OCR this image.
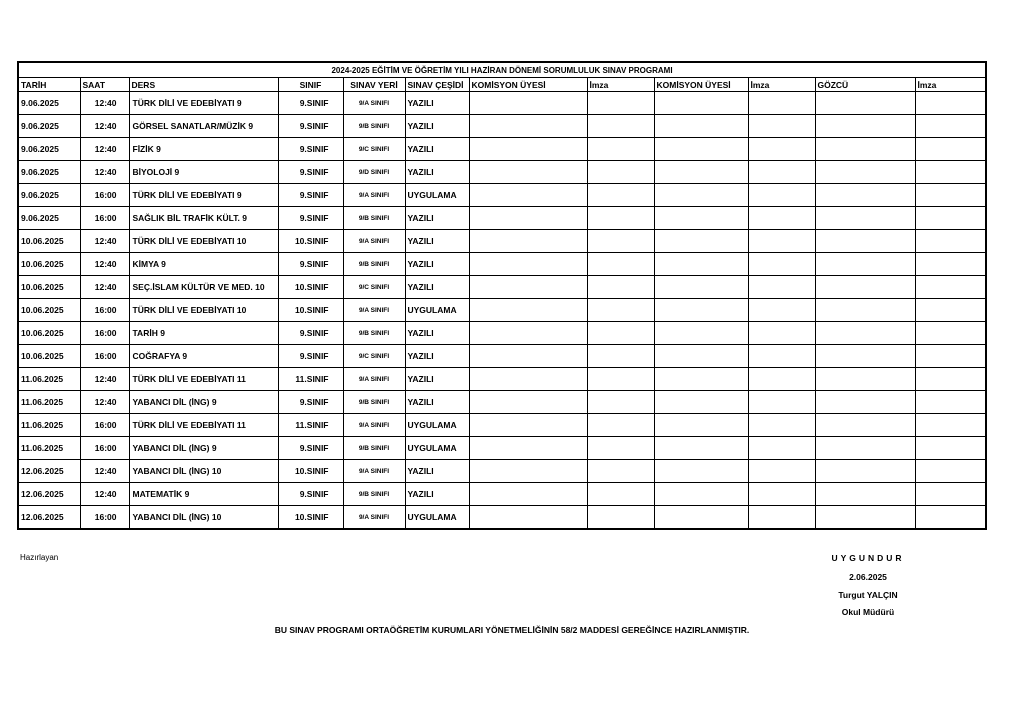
2024-2025 EĞİTİM VE ÖĞRETİM YILI HAZİRAN DÖNEMİ SORUMLULUK SINAV PROGRAMI											
TARİH	SAAT	DERS	SINIF	SINAV YERİ	SINAV ÇEŞİDİ	KOMİSYON ÜYESİ	İmza	KOMİSYON ÜYESİ	İmza	GÖZCÜ	İmza
9.06.2025	12:40	TÜRK DİLİ VE EDEBİYATI 9	9.SINIF	9/A SINIFI	YAZILI						
9.06.2025	12:40	GÖRSEL SANATLAR/MÜZİK 9	9.SINIF	9/B SINIFI	YAZILI						
9.06.2025	12:40	FİZİK 9	9.SINIF	9/C SINIFI	YAZILI						
9.06.2025	12:40	BİYOLOJİ 9	9.SINIF	9/D SINIFI	YAZILI						
9.06.2025	16:00	TÜRK DİLİ VE EDEBİYATI 9	9.SINIF	9/A SINIFI	UYGULAMA						
9.06.2025	16:00	SAĞLIK BİL TRAFİK KÜLT. 9	9.SINIF	9/B SINIFI	YAZILI						
10.06.2025	12:40	TÜRK DİLİ VE EDEBİYATI 10	10.SINIF	9/A SINIFI	YAZILI						
10.06.2025	12:40	KİMYA 9	9.SINIF	9/B SINIFI	YAZILI						
10.06.2025	12:40	SEÇ.İSLAM KÜLTÜR VE MED. 10	10.SINIF	9/C SINIFI	YAZILI						
10.06.2025	16:00	TÜRK DİLİ VE EDEBİYATI 10	10.SINIF	9/A SINIFI	UYGULAMA						
10.06.2025	16:00	TARİH 9	9.SINIF	9/B SINIFI	YAZILI						
10.06.2025	16:00	COĞRAFYA 9	9.SINIF	9/C SINIFI	YAZILI						
11.06.2025	12:40	TÜRK DİLİ VE EDEBİYATI 11	11.SINIF	9/A SINIFI	YAZILI						
11.06.2025	12:40	YABANCI DİL (İNG) 9	9.SINIF	9/B SINIFI	YAZILI						
11.06.2025	16:00	TÜRK DİLİ VE EDEBİYATI 11	11.SINIF	9/A SINIFI	UYGULAMA						
11.06.2025	16:00	YABANCI DİL (İNG) 9	9.SINIF	9/B SINIFI	UYGULAMA						
12.06.2025	12:40	YABANCI DİL (İNG) 10	10.SINIF	9/A SINIFI	YAZILI						
12.06.2025	12:40	MATEMATİK 9	9.SINIF	9/B SINIFI	YAZILI						
12.06.2025	16:00	YABANCI DİL (İNG) 10	10.SINIF	9/A SINIFI	UYGULAMA						
Hazırlayan	UYGUNDUR
2.06.2025
Turgut YALÇIN
Okul Müdürü
BU SINAV PROGRAMI ORTAÖĞRETİM KURUMLARI YÖNETMELİĞİNİN 58/2 MADDESİ GEREĞİNCE HAZIRLANMIŞTIR.
